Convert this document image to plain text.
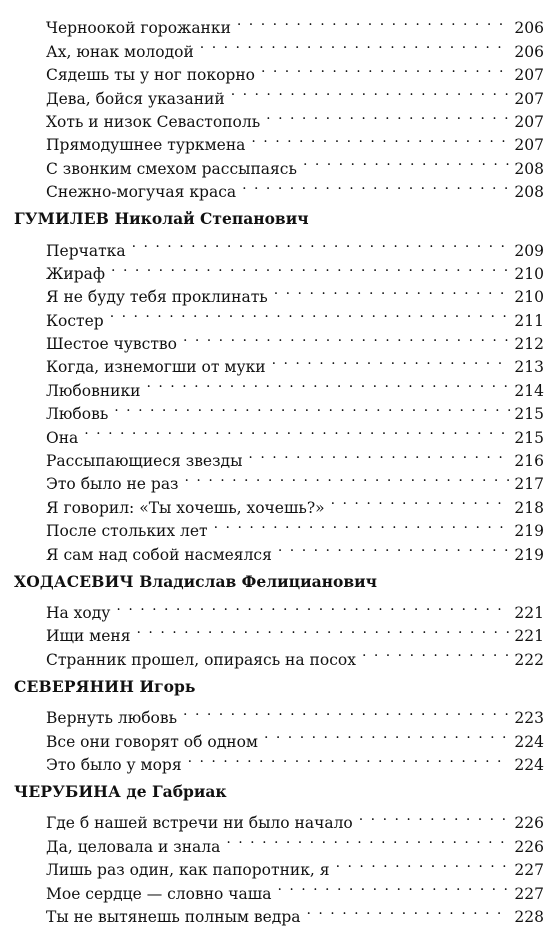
Черноокой горожанки . . .	206
Ах, юнак молодой . . .	206
Сядешь ты у ног покорно . . .	207
Дева, бойся указаний . . .	207
Хоть и низок Севастополь . . .	207
Прямодушнее туркмена . . .	207
С звонким смехом рассыпаясь . . .	208
Снежно-могучая краса . . .	208
ГУМИЛЕВ Николай Степанович
Перчатка . . .	209
Жираф . . .	210
Я не буду тебя проклинать . . .	210
Костер . . .	211
Шестое чувство . . .	212
Когда, изнемогши от муки . . .	213
Любовники . . .	214
Любовь . . .	215
Она . . .	215
Рассыпающиеся звезды . . .	216
Это было не раз . . .	217
Я говорил: «Ты хочешь, хочешь?» . . .	218
После стольких лет . . .	219
Я сам над собой насмеялся . . .	219
ХОДАСЕВИЧ Владислав Фелицианович
На ходу . . .	221
Ищи меня . . .	221
Странник прошел, опираясь на посох . . .	222
СЕВЕРЯНИН Игорь
Вернуть любовь . . .	223
Все они говорят об одном . . .	224
Это было у моря . . .	224
ЧЕРУБИНА де Габриак
Где б нашей встречи ни было начало . . .	226
Да, целовала и знала . . .	226
Лишь раз один, как папоротник, я . . .	227
Мое сердце — словно чаша . . .	227
Ты не вытянешь полным ведра . . .	228
